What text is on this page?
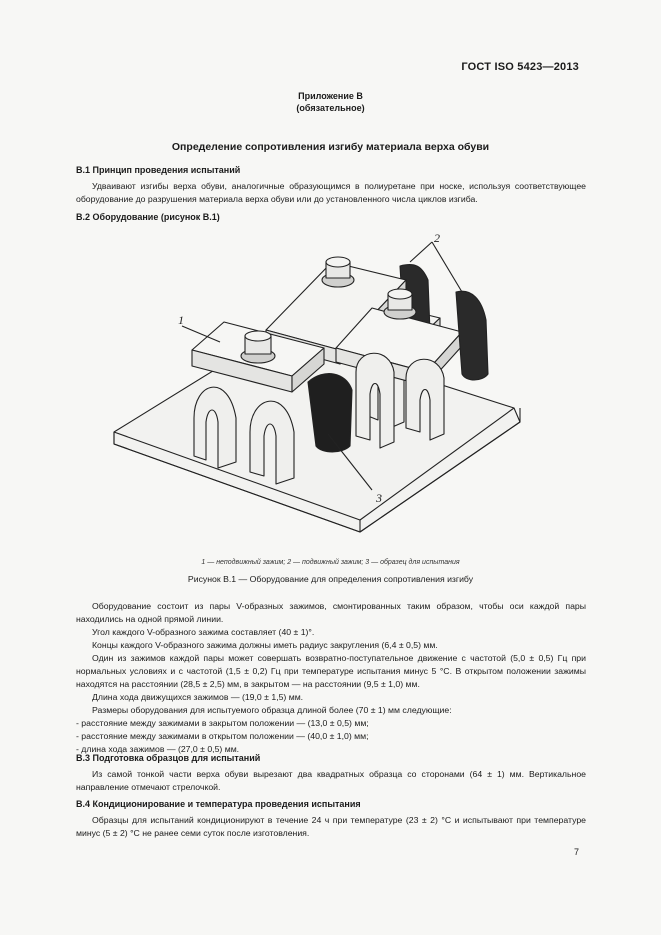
ГОСТ ISO 5423—2013
Приложение В
(обязательное)
Определение сопротивления изгибу материала верха обуви
В.1 Принцип проведения испытаний

Удваивают изгибы верха обуви, аналогичные образующимся в полиуретане при носке, используя соответствующее оборудование до разрушения материала верха обуви или до установленного числа циклов изгиба.

В.2 Оборудование (рисунок В.1)
1
2
3
1 — неподвижный зажим; 2 — подвижный зажим; 3 — образец для испытания
Рисунок В.1 — Оборудование для определения сопротивления изгибу

Оборудование состоит из пары V-образных зажимов, смонтированных таким образом, чтобы оси каждой пары находились на одной прямой линии.

Угол каждого V-образного зажима составляет (40 ± 1)°.

Концы каждого V-образного зажима должны иметь радиус закругления (6,4 ± 0,5) мм.

Один из зажимов каждой пары может совершать возвратно-поступательное движение с частотой (5,0 ± 0,5) Гц при нормальных условиях и с частотой (1,5 ± 0,2) Гц при температуре испытания минус 5 °С. В открытом положении зажимы находятся на расстоянии (28,5 ± 2,5) мм, в закрытом — на расстоянии (9,5 ± 1,0) мм.

Длина хода движущихся зажимов — (19,0 ± 1,5) мм.

Размеры оборудования для испытуемого образца длиной более (70 ± 1) мм следующие:

- расстояние между зажимами в закрытом положении — (13,0 ± 0,5) мм;

- расстояние между зажимами в открытом положении — (40,0 ± 1,0) мм;

- длина хода зажимов — (27,0 ± 0,5) мм.

В.3 Подготовка образцов для испытаний

Из самой тонкой части верха обуви вырезают два квадратных образца со сторонами (64 ± 1) мм. Вертикальное направление отмечают стрелочкой.

В.4 Кондиционирование и температура проведения испытания

Образцы для испытаний кондиционируют в течение 24 ч при температуре (23 ± 2) °С и испытывают при температуре минус (5 ± 2) °С не ранее семи суток после изготовления.

7
